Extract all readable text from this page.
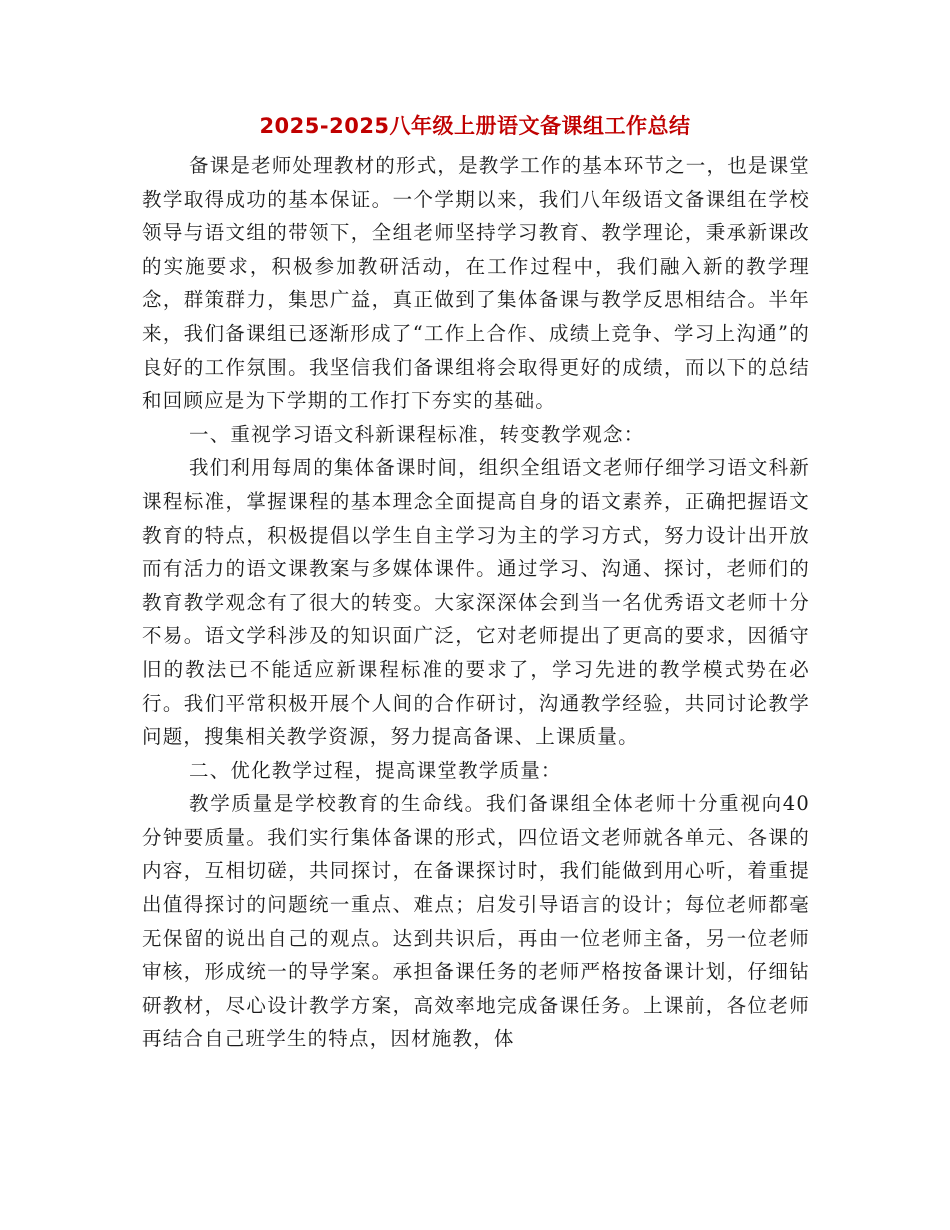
2025-2025八年级上册语文备课组工作总结

备课是老师处理教材的形式，是教学工作的基本环节之一，也是课堂教学取得成功的基本保证。一个学期以来，我们八年级语文备课组在学校领导与语文组的带领下，全组老师坚持学习教育、教学理论，秉承新课改的实施要求，积极参加教研活动，在工作过程中，我们融入新的教学理念，群策群力，集思广益，真正做到了集体备课与教学反思相结合。半年来，我们备课组已逐渐形成了“工作上合作、成绩上竞争、学习上沟通”的良好的工作氛围。我坚信我们备课组将会取得更好的成绩，而以下的总结和回顾应是为下学期的工作打下夯实的基础。

一、重视学习语文科新课程标准，转变教学观念：

我们利用每周的集体备课时间，组织全组语文老师仔细学习语文科新课程标准，掌握课程的基本理念全面提高自身的语文素养，正确把握语文教育的特点，积极提倡以学生自主学习为主的学习方式，努力设计出开放而有活力的语文课教案与多媒体课件。通过学习、沟通、探讨，老师们的教育教学观念有了很大的转变。大家深深体会到当一名优秀语文老师十分不易。语文学科涉及的知识面广泛，它对老师提出了更高的要求，因循守旧的教法已不能适应新课程标准的要求了，学习先进的教学模式势在必行。我们平常积极开展个人间的合作研讨，沟通教学经验，共同讨论教学问题，搜集相关教学资源，努力提高备课、上课质量。

二、优化教学过程，提高课堂教学质量：

教学质量是学校教育的生命线。我们备课组全体老师十分重视向40分钟要质量。我们实行集体备课的形式，四位语文老师就各单元、各课的内容，互相切磋，共同探讨，在备课探讨时，我们能做到用心听，着重提出值得探讨的问题统一重点、难点；启发引导语言的设计；每位老师都毫无保留的说出自己的观点。达到共识后，再由一位老师主备，另一位老师审核，形成统一的导学案。承担备课任务的老师严格按备课计划，仔细钻研教材，尽心设计教学方案，高效率地完成备课任务。上课前，各位老师再结合自己班学生的特点，因材施教，体
